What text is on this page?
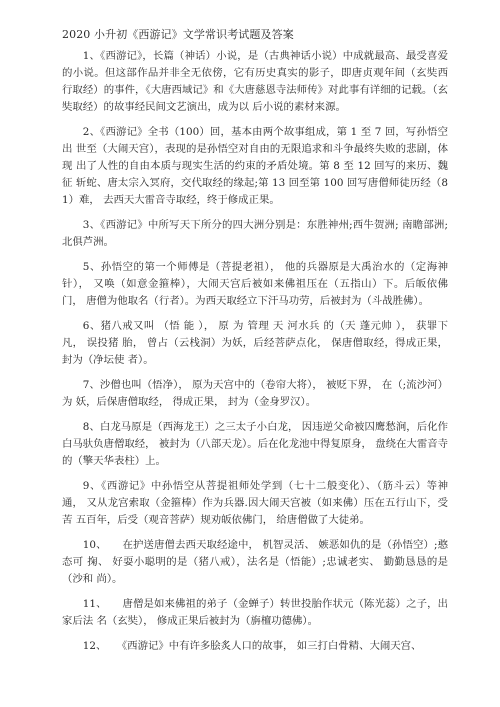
2020 小升初《西游记》文学常识考试题及答案

1、《西游记》，长篇（神话）小说，是（古典神话小说）中成就最高、最受喜爱 的小说。但这部作品并非全无依傍，它有历史真实的影子，即唐贞观年间（玄奘西 行取经）的事件，《大唐西域记》和《大唐慈恩寺法师传》对此事有详细的记载。（玄奘取经）的故事经民间文艺演出，成为以 后小说的素材来源。

2、《西游记》全书（100）回，基本由两个故事组成，第 1 至 7 回，写孙悟空出 世至（大闹天宫），表现的是孙悟空对自由的无限追求和斗争最终失败的悲剧，体现 出了人性的自由本质与现实生活的约束的矛盾处境。第 8 至 12 回写的来历、魏征 斩蛇、唐太宗入冥府，交代取经的缘起;第 13 回至第 100 回写唐僧师徒历经（81）难， 去西天大雷音寺取经，终于修成正果。

3、《西游记》中所写天下所分的四大洲分别是：东胜神州;西牛贺洲; 南瞻部洲; 北俱芦洲。

5、孙悟空的第一个师傅是（菩提老祖）， 他的兵器原是大禹治水的（定海神针）， 又唤（如意金箍棒），大闹天宫后被如来佛祖压在（五指山）下。后皈依佛门， 唐僧为他取名（行者）。为西天取经立下汗马功劳，后被封为（斗战胜佛）。

6、猪八戒又叫 （悟 能 ）， 原 为 管理 天 河水兵 的（天 蓬元帅 ）， 获罪下凡， 误投猪 胎， 曾占（云栈洞）为妖，后经菩萨点化， 保唐僧取经，得成正果， 封为（净坛使 者）。

7、沙僧也叫（悟净）， 原为天宫中的（卷帘大将）， 被贬下界， 在（;流沙河）为 妖，后保唐僧取经， 得成正果， 封为（金身罗汉）。

8、白龙马原是（西海龙王）之三太子小白龙， 因违逆父命被囚鹰愁涧，后化作 白马驮负唐僧取经， 被封为（八部天龙）。后在化龙池中得复原身， 盘绕在大雷音寺 的（擎天华表柱）上。

9、《西游记》中孙悟空从菩提祖师处学到（七十二般变化）、（筋斗云）等神 通， 又从龙宫索取（金箍棒）作为兵器.因大闹天宫被（如来佛）压在五行山下，受苦 五百年，后受（观音菩萨）规劝皈依佛门， 给唐僧做了大徒弟。

10、　　在护送唐僧去西天取经途中， 机智灵活、 嫉恶如仇的是（孙悟空）;憨态可 掬、 好耍小聪明的是（猪八戒），法名是（悟能）;忠诚老实、 勤勤恳恳的是（沙和 尚）。

11、　　唐僧是如来佛祖的弟子（金蝉子）转世投胎作状元（陈光蕊）之子，出家后法 名（玄奘）， 修成正果后被封为（旃檀功德佛）。

12、　　《西游记》中有许多脍炙人口的故事， 如三打白骨精、大闹天宫、
